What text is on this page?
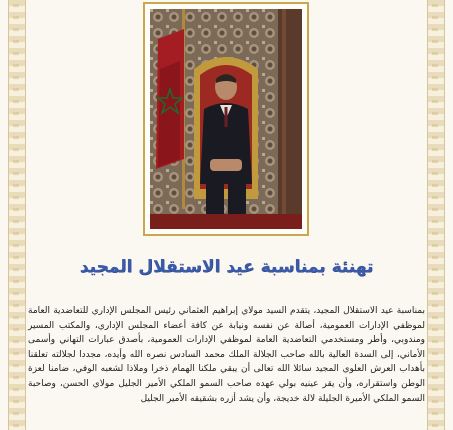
تهنئة بمناسبة عيد الاستقلال المجيد

بمناسبة عيد الاستقلال المجيد، يتقدم السيد مولاي إبراهيم العثماني رئيس المجلس الإداري للتعاضدية العامة لموظفي الإدارات العمومية، أصالة عن نفسه ونيابة عن كافة أعضاء المجلس الإداري، والمكتب المسير ومندوبي، وأطر ومستخدمي التعاضدية العامة لموظفي الإدارات العمومية، بأصدق عبارات التهاني وأسمى الأماني، إلى السدة العالية بالله صاحب الجلالة الملك محمد السادس نصره الله وأيده، مجددا لجلالته تعلقنا بأهداب العرش العلوي المجيد سائلا الله تعالى أن يبقي ملكنا الهمام ذخرا وملاذا لشعبه الوفي، ضامنا لعزة الوطن واستقراره، وأن يقر عينيه بولي عهده صاحب السمو الملكي الأمير الجليل مولاي الحسن، وصاحبة السمو الملكي الأميرة الجليلة لالة خديجة، وأن يشد أزره بشقيقه الأمير الجليل
